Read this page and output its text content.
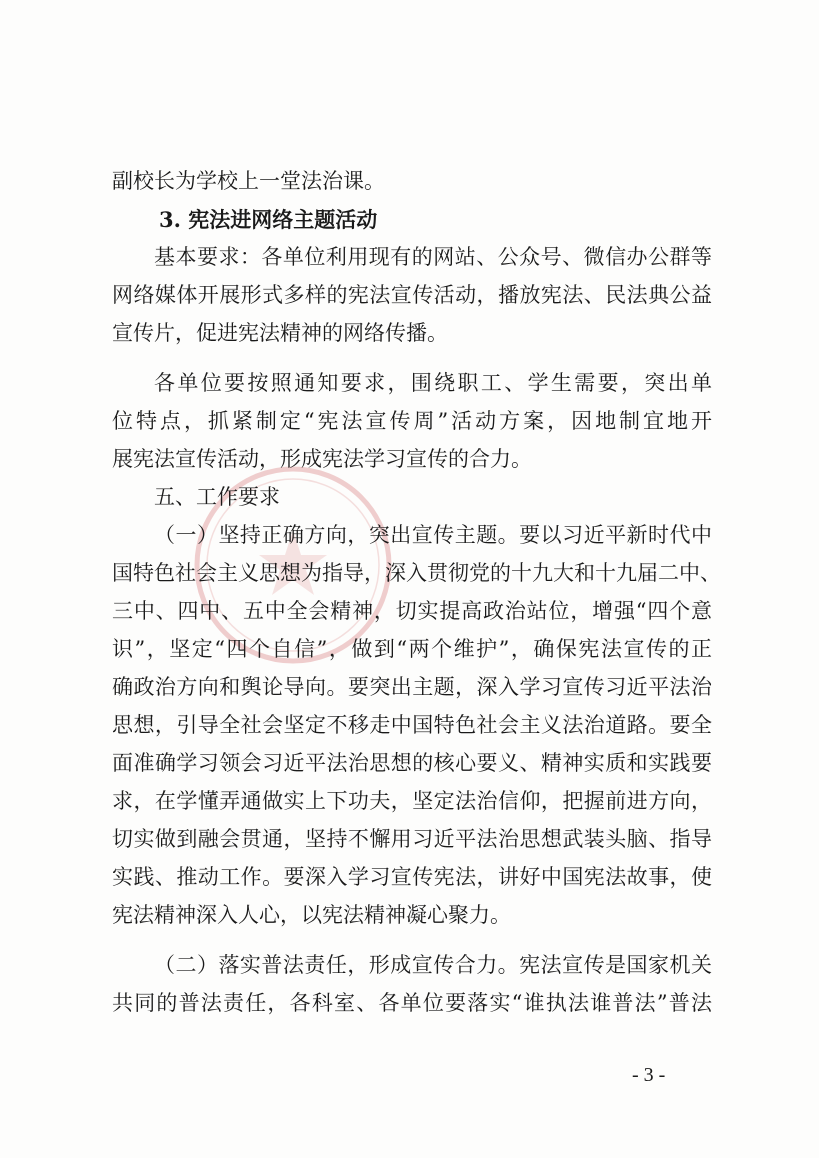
副校长为学校上一堂法治课。
3. 宪法进网络主题活动
基本要求：各单位利用现有的网站、公众号、微信办公群等
网络媒体开展形式多样的宪法宣传活动，播放宪法、民法典公益
宣传片，促进宪法精神的网络传播。
各单位要按照通知要求，围绕职工、学生需要，突出单
位特点，抓紧制定“宪法宣传周”活动方案，因地制宜地开
展宪法宣传活动，形成宪法学习宣传的合力。
五、工作要求
（一）坚持正确方向，突出宣传主题。要以习近平新时代中
国特色社会主义思想为指导，深入贯彻党的十九大和十九届二中、
三中、四中、五中全会精神，切实提高政治站位，增强“四个意
识”，坚定“四个自信”，做到“两个维护”，确保宪法宣传的正
确政治方向和舆论导向。要突出主题，深入学习宣传习近平法治
思想，引导全社会坚定不移走中国特色社会主义法治道路。要全
面准确学习领会习近平法治思想的核心要义、精神实质和实践要
求，在学懂弄通做实上下功夫，坚定法治信仰，把握前进方向，
切实做到融会贯通，坚持不懈用习近平法治思想武装头脑、指导
实践、推动工作。要深入学习宣传宪法，讲好中国宪法故事，使
宪法精神深入人心，以宪法精神凝心聚力。
（二）落实普法责任，形成宣传合力。宪法宣传是国家机关
共同的普法责任，各科室、各单位要落实“谁执法谁普法”普法
- 3 -
